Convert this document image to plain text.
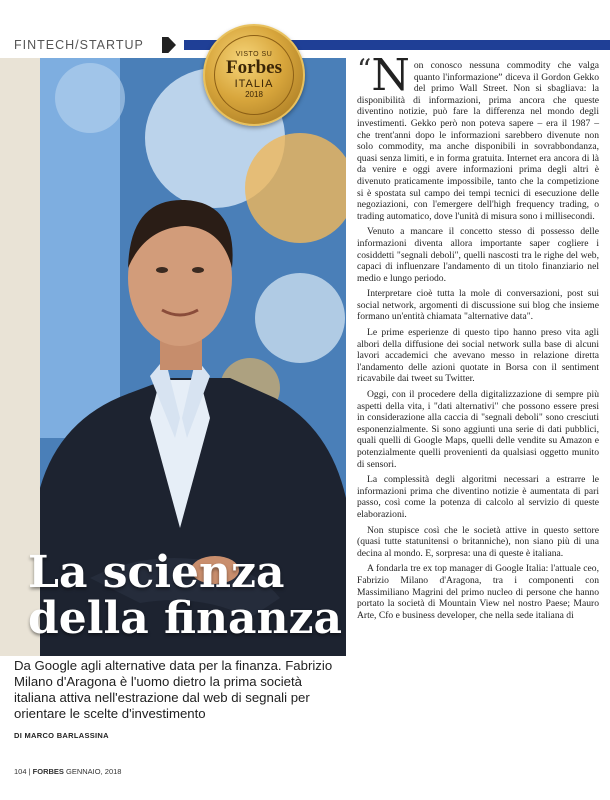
FINTECH/STARTUP
VISTO SU
Forbes
ITALIA
2018
La scienza
della finanza
Da Google agli alternative data per la finanza. Fabrizio Milano d'Aragona è l'uomo dietro la prima società italiana attiva nell'estrazione dal web di segnali per orientare le scelte d'investimento
DI MARCO BARLASSINA
104 | FORBES GENNAIO, 2018

“ N on conosco nessuna commodity che valga quanto l'informazione” diceva il Gordon Gekko del primo Wall Street. Non si sbagliava: la disponibilità di informazioni, prima ancora che queste diventino notizie, può fare la differenza nel mondo degli investimenti. Gekko però non poteva sapere – era il 1987 – che trent'anni dopo le informazioni sarebbero divenute non solo commodity, ma anche disponibili in sovrabbondanza, quasi senza limiti, e in forma gratuita. Internet era ancora di là da venire e oggi avere informazioni prima degli altri è divenuto praticamente impossibile, tanto che la competizione si è spostata sul campo dei tempi tecnici di esecuzione delle negoziazioni, con l'emergere dell'high frequency trading, o trading automatico, dove l'unità di misura sono i millisecondi.

Venuto a mancare il concetto stesso di possesso delle informazioni diventa allora importante saper cogliere i cosiddetti "segnali deboli", quelli nascosti tra le righe del web, capaci di influenzare l'andamento di un titolo finanziario nel medio e lungo periodo.

Interpretare cioè tutta la mole di conversazioni, post sui social network, argomenti di discussione sui blog che insieme formano un'entità chiamata "alternative data".

Le prime esperienze di questo tipo hanno preso vita agli albori della diffusione dei social network sulla base di alcuni lavori accademici che avevano messo in relazione diretta l'andamento delle azioni quotate in Borsa con il sentiment ricavabile dai tweet su Twitter.

Oggi, con il procedere della digitalizzazione di sempre più aspetti della vita, i "dati alternativi" che possono essere presi in considerazione alla caccia di "segnali deboli" sono cresciuti esponenzialmente. Si sono aggiunti una serie di dati pubblici, quali quelli di Google Maps, quelli delle vendite su Amazon e potenzialmente quelli provenienti da qualsiasi oggetto munito di sensori.

La complessità degli algoritmi necessari a estrarre le informazioni prima che diventino notizie è aumentata di pari passo, così come la potenza di calcolo al servizio di queste elaborazioni.

Non stupisce così che le società attive in questo settore (quasi tutte statunitensi o britanniche), non siano più di una decina al mondo. E, sorpresa: una di queste è italiana.

A fondarla tre ex top manager di Google Italia: l'attuale ceo, Fabrizio Milano d'Aragona, tra i componenti con Massimiliano Magrini del primo nucleo di persone che hanno portato la società di Mountain View nel nostro Paese; Mauro Arte, Cfo e business developer, che nella sede italiana di
